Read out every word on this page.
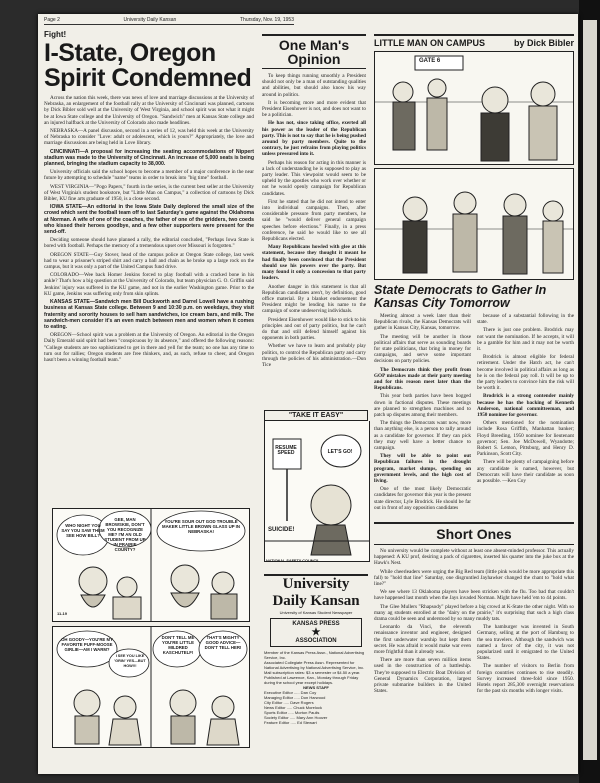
Page 2	University Daily Kansan	Thursday, Nov. 19, 1953
Fight!
I-State, Oregon Spirit Condemned

Across the nation this week, there was news of love and marriage discussions at the University of Nebraska, an enlargement of the football rally at the University of Cincinnati was planned, cartoons by Dick Bibler sold well at the University of West Virginia, and school spirit was not what it might be at Iowa State college and the University of Oregon. "Sandwich" men at Kansas State college and an injured halfback at the University of Colorado also made headlines.

NEBRASKA—A panel discussion, second in a series of 12, was held this week at the University of Nebraska to consider "Love: adult or adolescent, which is yours?" Appropriately, the love and marriage discussions are being held in Love library.

CINCINNATI—A proposal for increasing the seating accommodations of Nippert stadium was made to the University of Cincinnati. An increase of 5,000 seats is being planned, bringing the stadium capacity to 38,000.

University officials said the school hopes to become a member of a major conference in the near future by attempting to schedule "name" teams in order to break into "big time" football.

WEST VIRGINIA—"Pogo Papers," fourth in the series, is the current best seller at the University of West Virginia's student bookstore, but "Little Man on Campus," a collection of cartoons by Dick Bibler, KU fine arts graduate of 1950, is a close second.

IOWA STATE—An editorial in the Iowa State Daily deplored the small size of the crowd which sent the football team off to last Saturday's game against the Oklahoma at Norman. A wife of one of the coaches, the father of one of the gridders, two coeds who kissed their heroes goodbye, and a few other supporters were present for the send-off.

Deciding someone should have planned a rally, the editorial concluded, "Perhaps Iowa State is bored with football. Perhaps the memory of a tremendous upset over Missouri is forgotten."

OREGON STATE—Guy Stover, head of the campus police at Oregon State college, last week had to wear a prisoner's striped shirt and carry a ball and chain as he broke up a large rock on the campus, but it was only a part of the United Campus fund drive.

COLORADO—Wee back Homer Jenkins forced to play football with a cracked bone in his ankle? That's how a big question at the University of Colorado, but team physician G. O. Griffin said Jenkins' injury was suffered in the KU game, and not in the earlier Washington game. Prior to the KU game, Jenkins was suffering only from skin splints.

KANSAS STATE—Sandwich men Bill Duckworth and Darrel Lowell have a rushing business at Kansas State college. Between 9 and 10:30 p.m. on weekdays, they visit fraternity and sorority houses to sell ham sandwiches, ice cream bars, and milk. The sandwich-men consider it's an even match between men and women when it comes to eating.

OREGON—School spirit was a problem at the University of Oregon. An editorial in the Oregon Daily Emerald said spirit had been "conspicuous by its absence," and offered the following reasons: "College students are too sophisticated to get in there and yell for the team; no one has any time to turn out for rallies; Oregon students are free thinkers, and, as such, refuse to cheer, and Oregon hasn't been a winning football team."

WHO NIGHT YOU SAY YOU SAW THEM SEE HOW BILL?
GEE, MAN BROWSKIE, DON'T YOU RECOGNIZE ME? I'M AN OLD STUDENT FROM UP IN PRAIRIE COUNTY?
YOU'RE SOUR OUT GOD TROUBLE MAKER LITTLE BROWN GLASS UP IN NEBRASKA!
11-19
OH GOODY—YOU'RE MY FAVORITE PUFF-MOOSE GIRLIE—AM I WARM?
I SEE YOU LIKE 'GRIN' YES—BUT HOW!!!
DON'T TELL ME YOU'RE LITTLE MILDRED KASCHUTELF!
THAT'S MIGHTY GOOD ADVICE—DON'T TELL HER!
One Man's Opinion

To keep things running smoothly a President should not only be a man of outstanding qualities and abilities, but should also know his way around in politics.

It is becoming more and more evident that President Eisenhower is not, and does not want to be a politician.

He has not, since taking office, exerted all his power as the leader of the Republican party. This is not to say that he is being pushed around by party members. Quite to the contrary, he just refrains from playing politics unless pressured into it.

Perhaps his reason for acting in this manner is a lack of understanding he is supposed to play as party leader. This viewpoint would seem to be upheld by the apostles who work over whether or not he would openly campaign for Republican candidates.

First he stated that he did not intend to enter into individual campaigns. Then, after considerable pressure from party members, he said he "would deliver general campaign speeches before elections." Finally, in a press conference, he said he would like to see all Republicans elected.

Many Republicans howled with glee at this statement, because they thought it meant he had finally been convinced that the President should use his powers over the party. But many found it only a concession to that party leaders.

Another danger in this statement is that all Republican candidates aren't, by definition, good office material. By a blanket endorsement the President might be lending his name to the campaign of some undeserving individuals.

President Eisenhower would like to stick to his principles and out of party politics, but he can't do that and still defend himself against his opponents in both parties.

Whether we have to learn and probably play politics, to control the Republican party and carry through the policies of his administration.—Don Tice

"TAKE IT EASY"
RESUME SPEED	LET'S GO!
SUICIDE!
NATIONAL SAFETY COUNCIL
University Daily Kansan
University of Kansas Student Newspaper
KANSAS PRESS
★
ASSOCIATION
Member of the Kansas Press Assn., National Advertising Service, Inc.
Associated Collegiate Press Assn. Represented for National Advertising by National Advertising Service, Inc.
Mail subscription rates: $3 a semester or $4.50 a year. Published at Lawrence, Kan., Monday through Friday during the school year except holidays.
NEWS STAFF
Executive Editor ..... Dan Coy
Managing Editor ..... Don Harwood
City Editor ..... Dave Rogers
News Editor ..... Chuck Morelock
Sports Editor ..... Morton Paulis
Society Editor ..... Mary Ann Hoover
Feature Editor ..... Ed Stewart
LITTLE MAN ON CAMPUS	by Dick Bibler
GATE 6
State Democrats to Gather In Kansas City Tomorrow

Meeting almost a week later than their Republican rivals, the Kansas Democrats will gather in Kansas City, Kansas, tomorrow.

The meeting will be another in those political affairs that serve as sounding boards for state politicians, that bring in money for campaigns, and serve some important decisions on party policies.

The Democrats think they profit from GOP mistakes made at their party meeting and for this reason meet later than the Republicans.

This year both parties have been bogged down in factional disputes. These meetings are planned to strengthen machines and to patch up disputes among their members.

The things the Democrats want now, more than anything else, is a person to rally around as a candidate for governor. If they can pick they may well have a better chance to campaign.

They will be able to point out Republican failures in the drought program, market slumps, spending on government levels, and the high cost of living.

One of the most likely Democratic candidates for governor this year is the present state director, Lyle Brodrick. He should be far out in front of any opposition candidates

because of a substantial following in the state.

There is just one problem. Brodrick may not want the nomination. If he accepts, it will be a gamble for him and it may not be worth it.

Brodrick is almost eligible for federal retirement. Under the Hatch act, he can't become involved in political affairs as long as he is on the federal pay roll. It will be up to the party leaders to convince him the risk will be worth it.

Brodrick is a strong contender mainly because he has the backing of Kenneth Anderson, national committeeman, and 1950 nominee for governor.

Others mentioned for the nomination include Rosa Griffith, Manhattan banker; Floyd Breeding, 1950 nominee for lieutenant governor; Sen. Joe McDowell, Wyandotte; Robert S. Lemon, Pittsburg, and Henry D. Parkinson, Scott City.

There will be plenty of campaigning before any candidate is named, however, but Democrats will have their candidate as soon as possible. —Ken Coy

Short Ones

No university would be complete without at least one absent-minded professor. This actually happened: A KU prof, desiring a pack of cigarettes, inserted his quarter into the juke box at the Hawk's Nest.

While cheerleaders were urging the Big Red team (little pink would be more appropriate this fall) to "hold that line" Saturday, one disgruntled Jayhawker changed the chant to "hold what line?"

We see where 13 Oklahoma players have been stricken with the flu. Too bad that couldn't have happened last month when the Jays invaded Norman. Might have held 'em to 44 points.

The Glee Mullers "Rhapsody" played before a big crowd at K-State the other night. With so many ag students enrolled at the "dairy on the prairie," it's surprising that such a high class drama could be seen and understood by so many muddy tats.

Leonardo da Vinci, the eleventh renaissance inventor and engineer, designed the first underwater warship but kept them secret. He was afraid it would make war even more frightful than it already was.

There are more than seven million items used in the construction of a battleship. They're supposed to Electric Boat Division of General Dynamics Corporation, largest private submarine builders in the United States.

The hamburger was invented in South Germany, selling at the port of Hamburg to the sea travelers. Although the sandwich was named a favor of the city, it was not popularized until it emigrated to the United States.

The number of visitors to Berlin from foreign countries continues to rise steadily. Survey increased three-fold since 1950. Hotels report 285,300 overnight reservations for the past six months with longer visits.
